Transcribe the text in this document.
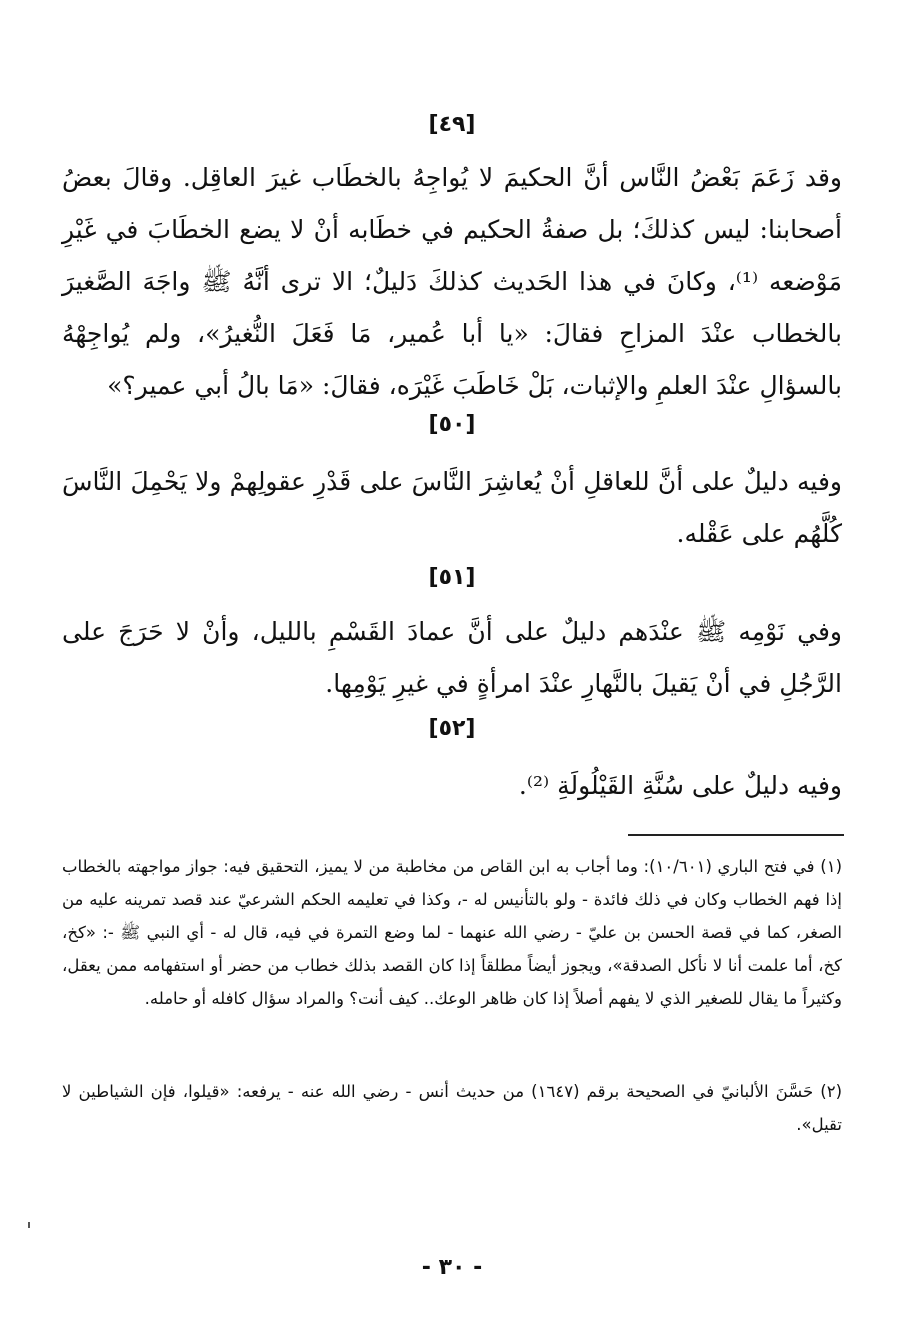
[٤٩]
وقد زَعَمَ بَعْضُ النَّاس أنَّ الحكيمَ لا يُواجِهُ بالخطَاب غيرَ العاقِل. وقالَ بعضُ أصحابنا: ليس كذلكَ؛ بل صفةُ الحكيم في خطَابه أنْ لا يضع الخطَابَ في غَيْرِ مَوْضعه ⁽¹⁾، وكانَ في هذا الحَديث كذلكَ دَليلٌ؛ الا ترى أنَّهُ ﷺ واجَهَ الصَّغيرَ بالخطاب عنْدَ المزاحِ فقالَ: «يا أبا عُمير، مَا فَعَلَ النُّغيرُ»، ولم يُواجِهْهُ بالسؤالِ عنْدَ العلمِ والإثبات، بَلْ خَاطَبَ غَيْرَه، فقالَ: «مَا بالُ أبي عمير؟»
[٥٠]
وفيه دليلٌ على أنَّ للعاقلِ أنْ يُعاشِرَ النَّاسَ على قَدْرِ عقولِهمْ ولا يَحْمِلَ النَّاسَ كُلَّهُم على عَقْله.
[٥١]
وفي نَوْمِه ﷺ عنْدَهم دليلٌ على أنَّ عمادَ القَسْمِ بالليل، وأنْ لا حَرَجَ على الرَّجُلِ في أنْ يَقيلَ بالنَّهارِ عنْدَ امرأةٍ في غيرِ يَوْمِها.
[٥٢]
وفيه دليلٌ على سُنَّةِ القَيْلُولَةِ ⁽²⁾.
(١) في فتح الباري (١٠/٦٠١): وما أجاب به ابن القاص من مخاطبة من لا يميز، التحقيق فيه: جواز مواجهته بالخطاب إذا فهم الخطاب وكان في ذلك فائدة - ولو بالتأنيس له -، وكذا في تعليمه الحكم الشرعيّ عند قصد تمرينه عليه من الصغر، كما في قصة الحسن بن عليّ - رضي الله عنهما - لما وضع التمرة في فيه، قال له - أي النبي ﷺ -: «كخ، كخ، أما علمت أنا لا نأكل الصدقة»، ويجوز أيضاً مطلقاً إذا كان القصد بذلك خطاب من حضر أو استفهامه ممن يعقل، وكثيراً ما يقال للصغير الذي لا يفهم أصلاً إذا كان ظاهر الوعك.. كيف أنت؟ والمراد سؤال كافله أو حامله.
(٢) حَسَّنَ الألبانيّ في الصحيحة برقم (١٦٤٧) من حديث أنس - رضي الله عنه - يرفعه: «قيلوا، فإن الشياطين لا تقيل».
- ٣٠ -
